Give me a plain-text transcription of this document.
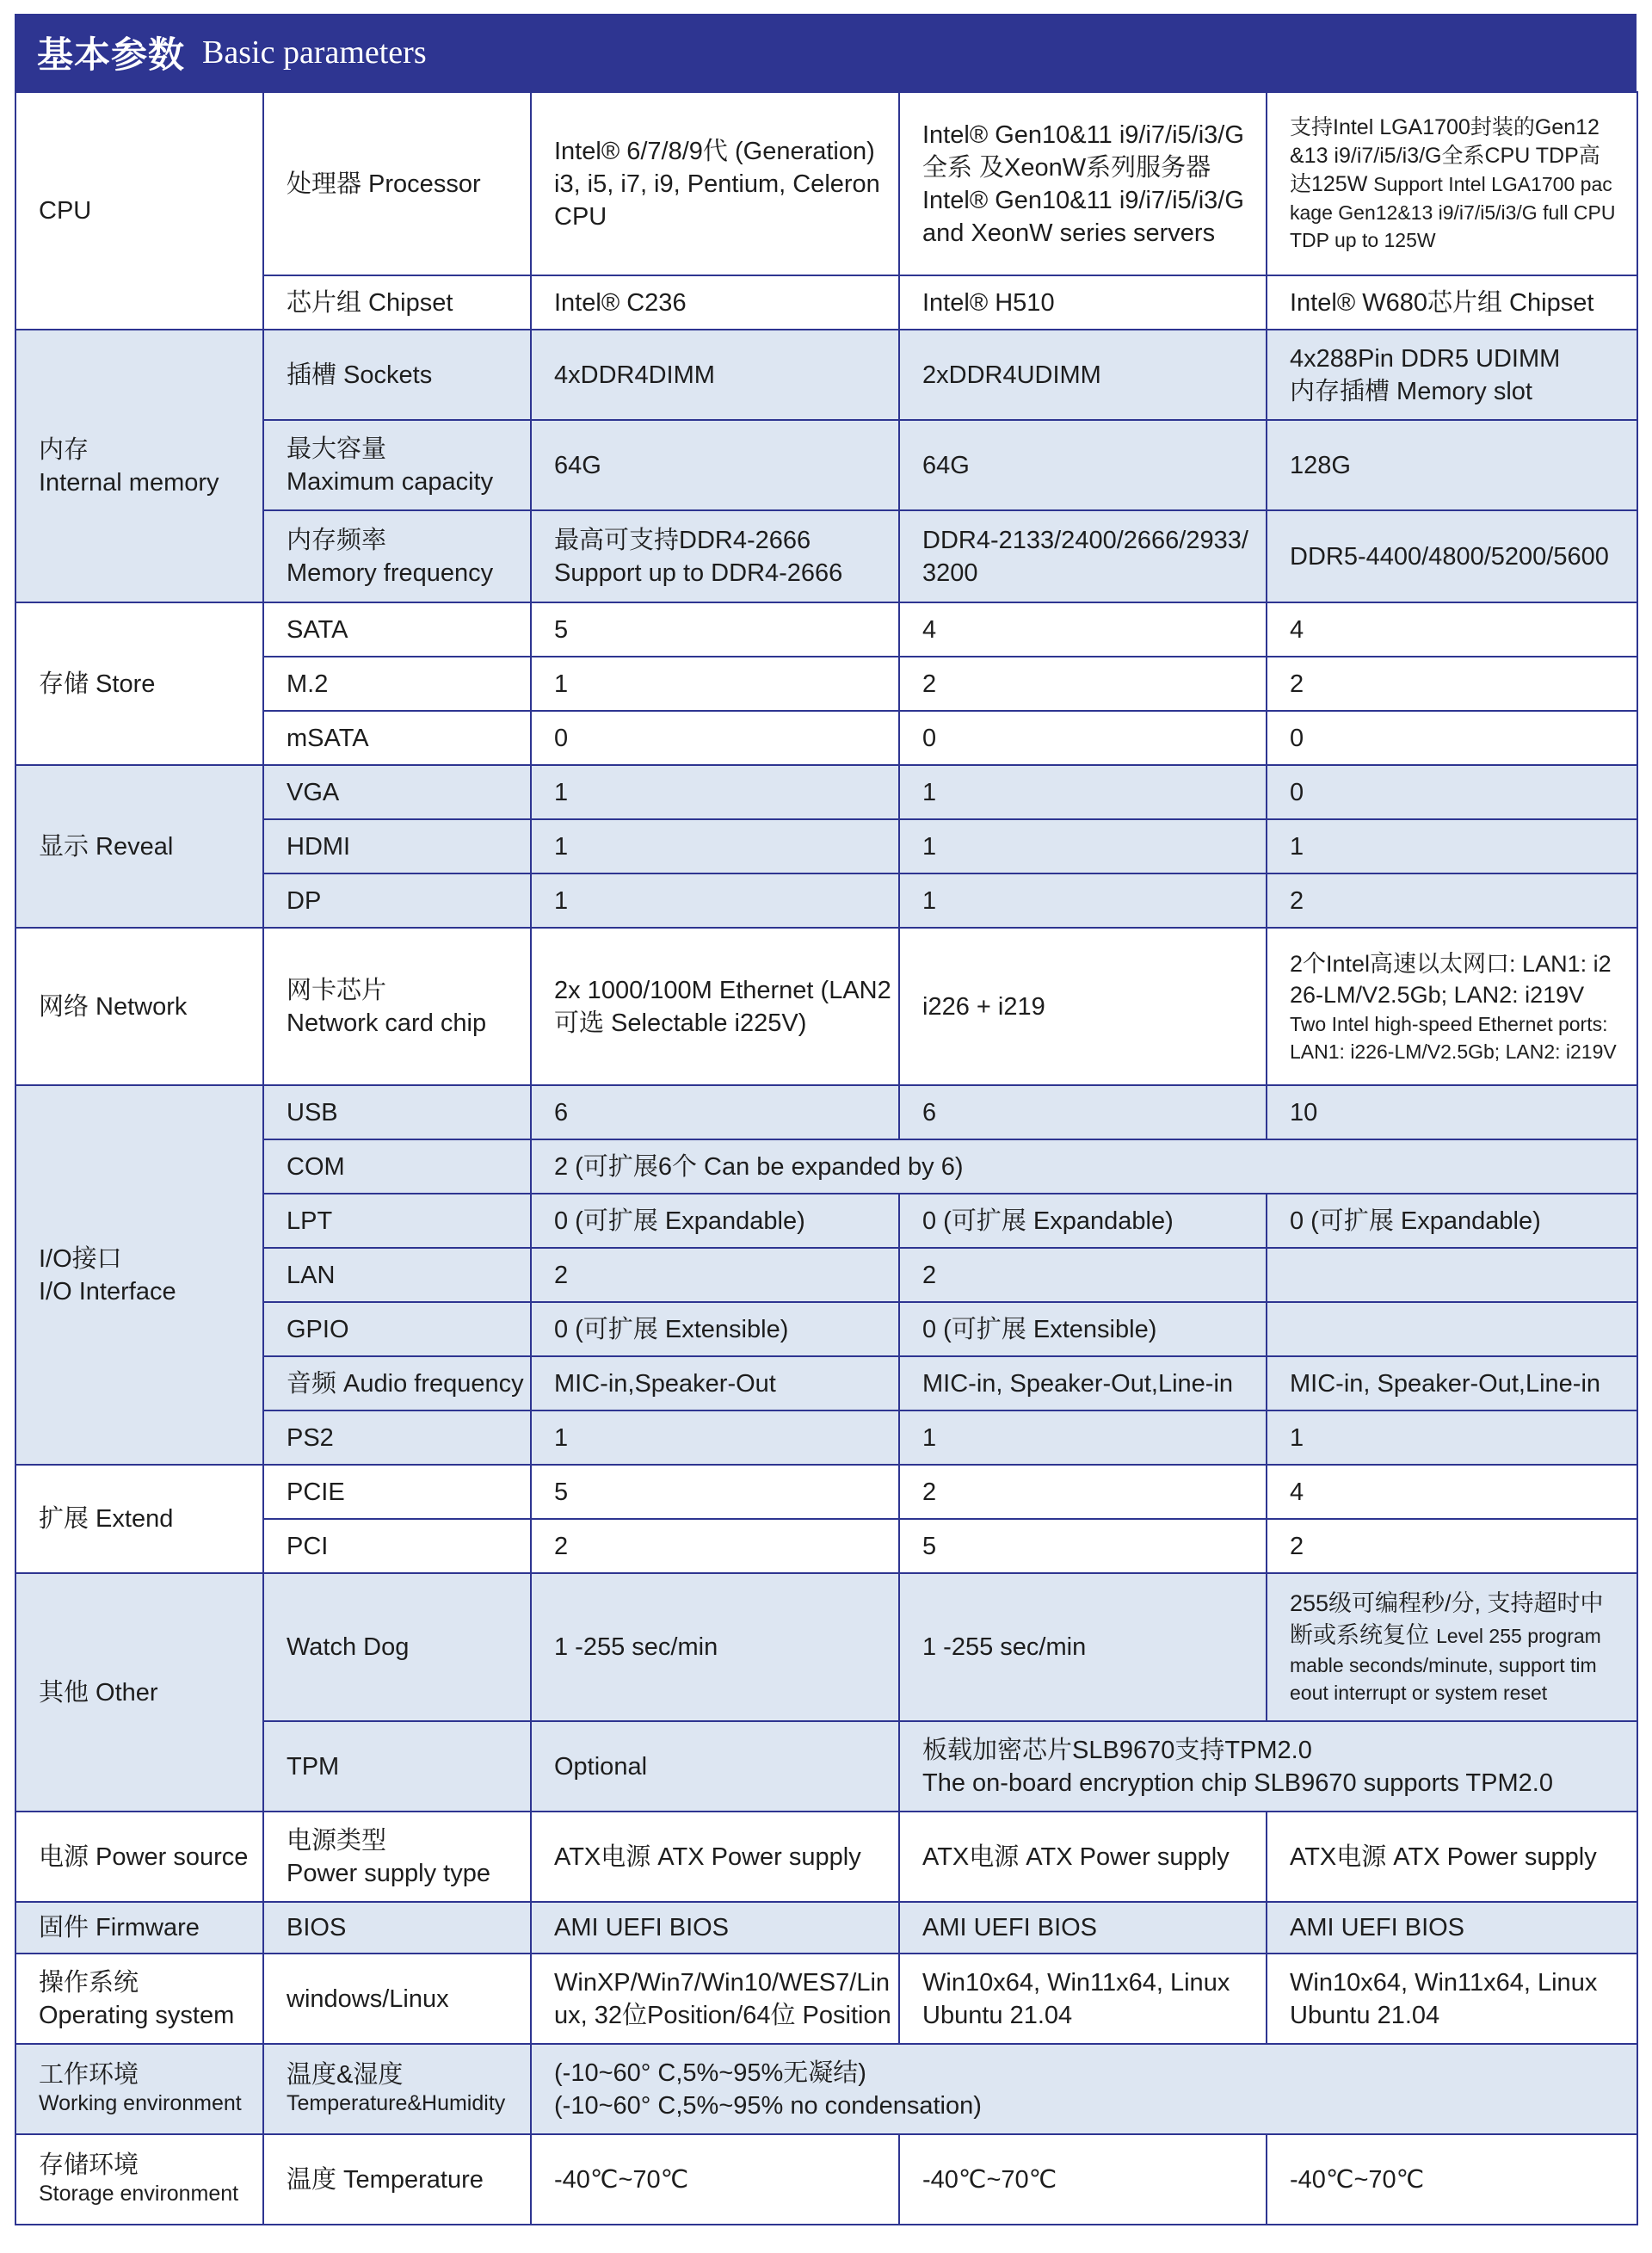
基本参数 Basic parameters
CPU	处理器 Processor	Intel® 6/7/8/9代 (Generation) i3, i5, i7, i9, Pentium, Celeron CPU	Intel® Gen10&11 i9/i7/i5/i3/G
全系 及XeonW系列服务器
Intel® Gen10&11 i9/i7/i5/i3/G
and XeonW series servers	支持Intel LGA1700封装的Gen12
&13 i9/i7/i5/i3/G全系CPU TDP高
达125W Support Intel LGA1700 pac
kage Gen12&13 i9/i7/i5/i3/G full CPU
TDP up to 125W

	芯片组 Chipset	Intel® C236	Intel® H510	Intel® W680芯片组 Chipset

内存
Internal memory	插槽 Sockets	4xDDR4DIMM	2xDDR4UDIMM	4x288Pin DDR5 UDIMM
内存插槽 Memory slot

	最大容量
Maximum capacity	64G	64G	128G

	内存频率
Memory frequency	最高可支持DDR4-2666
Support up to DDR4-2666	DDR4-2133/2400/2666/2933/
3200	DDR5-4400/4800/5200/5600
存储 Store	SATA	5	4	4
	M.2	1	2	2
	mSATA	0	0	0
显示 Reveal	VGA	1	1	0
	HDMI	1	1	1
	DP	1	1	2
网络 Network	网卡芯片
Network card chip	2x 1000/100M Ethernet (LAN2
可选 Selectable i225V)	i226 + i219	2个Intel高速以太网口: LAN1: i2
26-LM/V2.5Gb; LAN2: i219V
Two Intel high-speed Ethernet ports:
LAN1: i226-LM/V2.5Gb; LAN2: i219V

I/O接口
I/O Interface	USB	6	6	10
	COM	2 (可扩展6个 Can be expanded by 6)		
	LPT	0 (可扩展 Expandable)	0 (可扩展 Expandable)	0 (可扩展 Expandable)
	LAN	2	2	
	GPIO	0 (可扩展 Extensible)	0 (可扩展 Extensible)	
	音频 Audio frequency	MIC-in,Speaker-Out	MIC-in, Speaker-Out,Line-in	MIC-in, Speaker-Out,Line-in
	PS2	1	1	1
扩展 Extend	PCIE	5	2	4
	PCI	2	5	2
其他 Other	Watch Dog	1 -255 sec/min	1 -255 sec/min	255级可编程秒/分, 支持超时中
断或系统复位 Level 255 program
mable seconds/minute, support tim
eout interrupt or system reset

	TPM	Optional	板载加密芯片SLB9670支持TPM2.0
The on-board encryption chip SLB9670 supports TPM2.0	

电源 Power source	电源类型
Power supply type	ATX电源 ATX Power supply	ATX电源 ATX Power supply	ATX电源 ATX Power supply
固件 Firmware	BIOS	AMI UEFI BIOS	AMI UEFI BIOS	AMI UEFI BIOS

操作系统
Operating system	windows/Linux	WinXP/Win7/Win10/WES7/Lin
ux, 32位Position/64位 Position	Win10x64, Win11x64, Linux
Ubuntu 21.04	Win10x64, Win11x64, Linux
Ubuntu 21.04

工作环境
Working environment	温度&湿度
Temperature&Humidity	(-10~60° C,5%~95%无凝结)
(-10~60° C,5%~95% no condensation)		

存储环境
Storage environment	温度 Temperature	-40℃~70℃	-40℃~70℃	-40℃~70℃
